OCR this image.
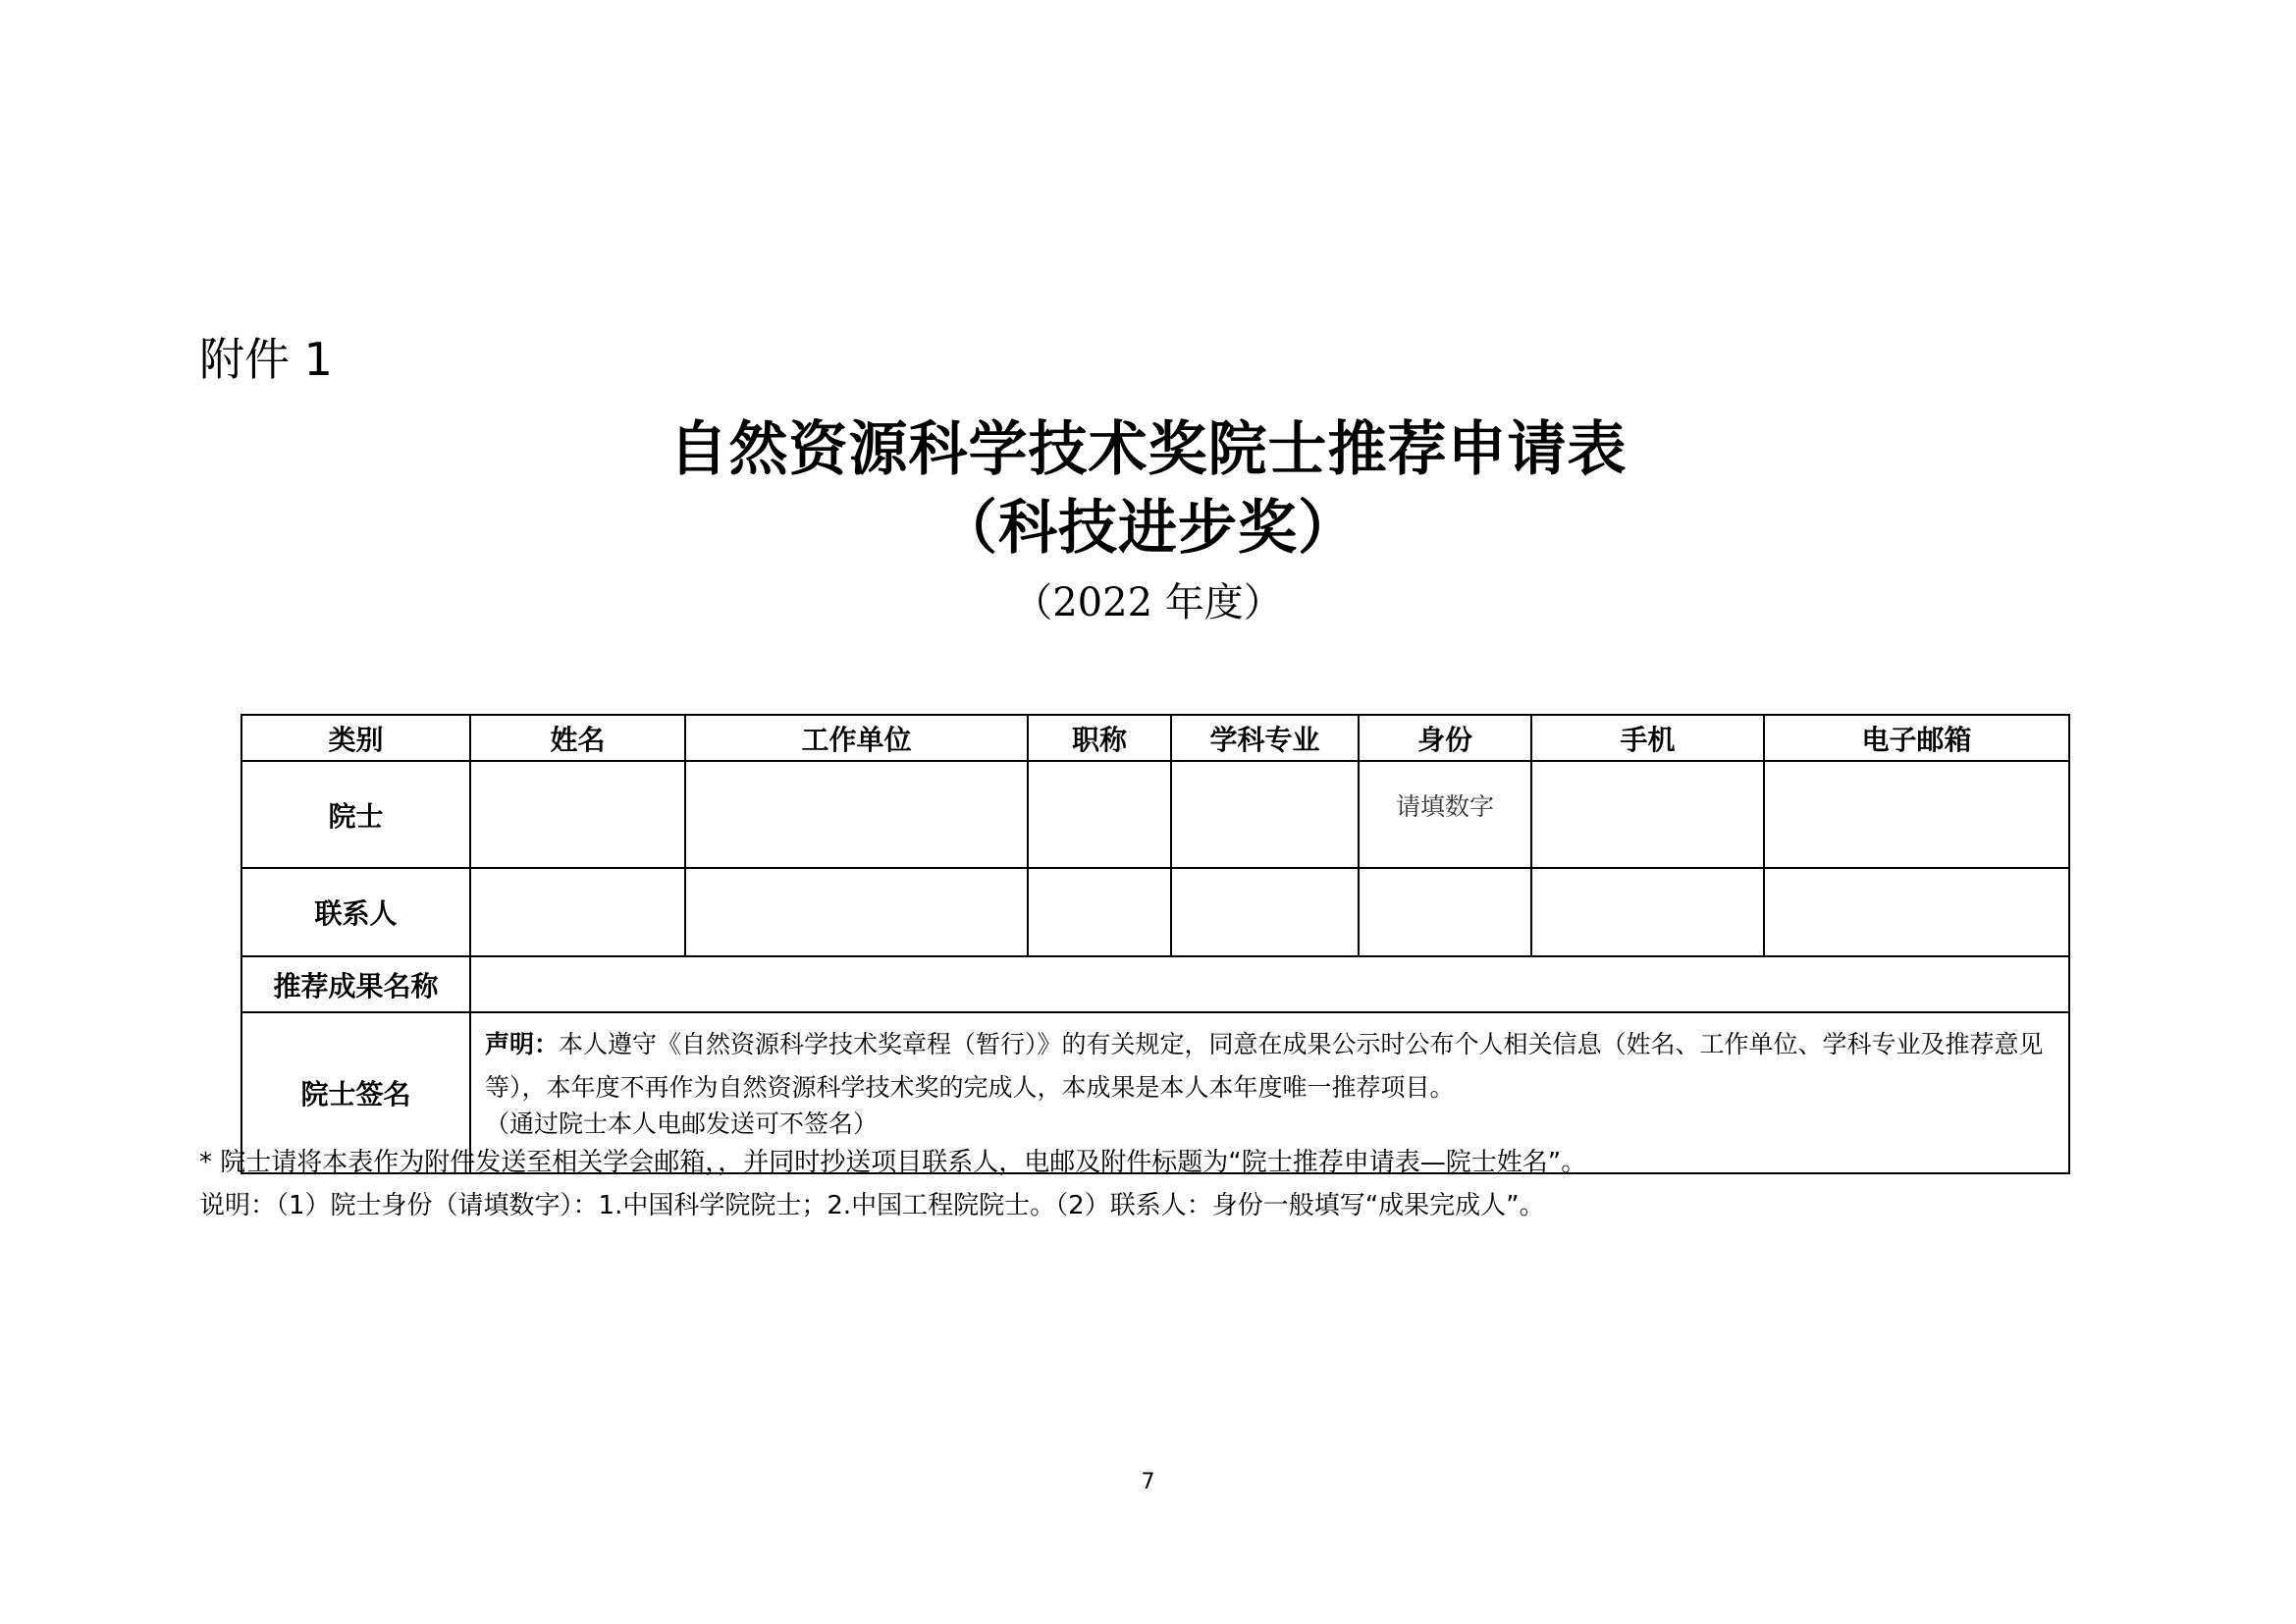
附件 1
自然资源科学技术奖院士推荐申请表
（科技进步奖）
（2022 年度）
类别	姓名	工作单位	职称	学科专业	身份	手机	电子邮箱
院士					请填数字		
联系人							
推荐成果名称							
院士签名	声明：本人遵守《自然资源科学技术奖章程（暂行）》的有关规定，同意在成果公示时公布个人相关信息（姓名、工作单位、学科专业及推荐意见等），本年度不再作为自然资源科学技术奖的完成人，本成果是本人本年度唯一推荐项目。
（通过院士本人电邮发送可不签名）						
* 院士请将本表作为附件发送至相关学会邮箱，，并同时抄送项目联系人，电邮及附件标题为“院士推荐申请表—院士姓名”。
说明：（1）院士身份（请填数字）：1.中国科学院院士；2.中国工程院院士。（2）联系人：身份一般填写“成果完成人”。
7
